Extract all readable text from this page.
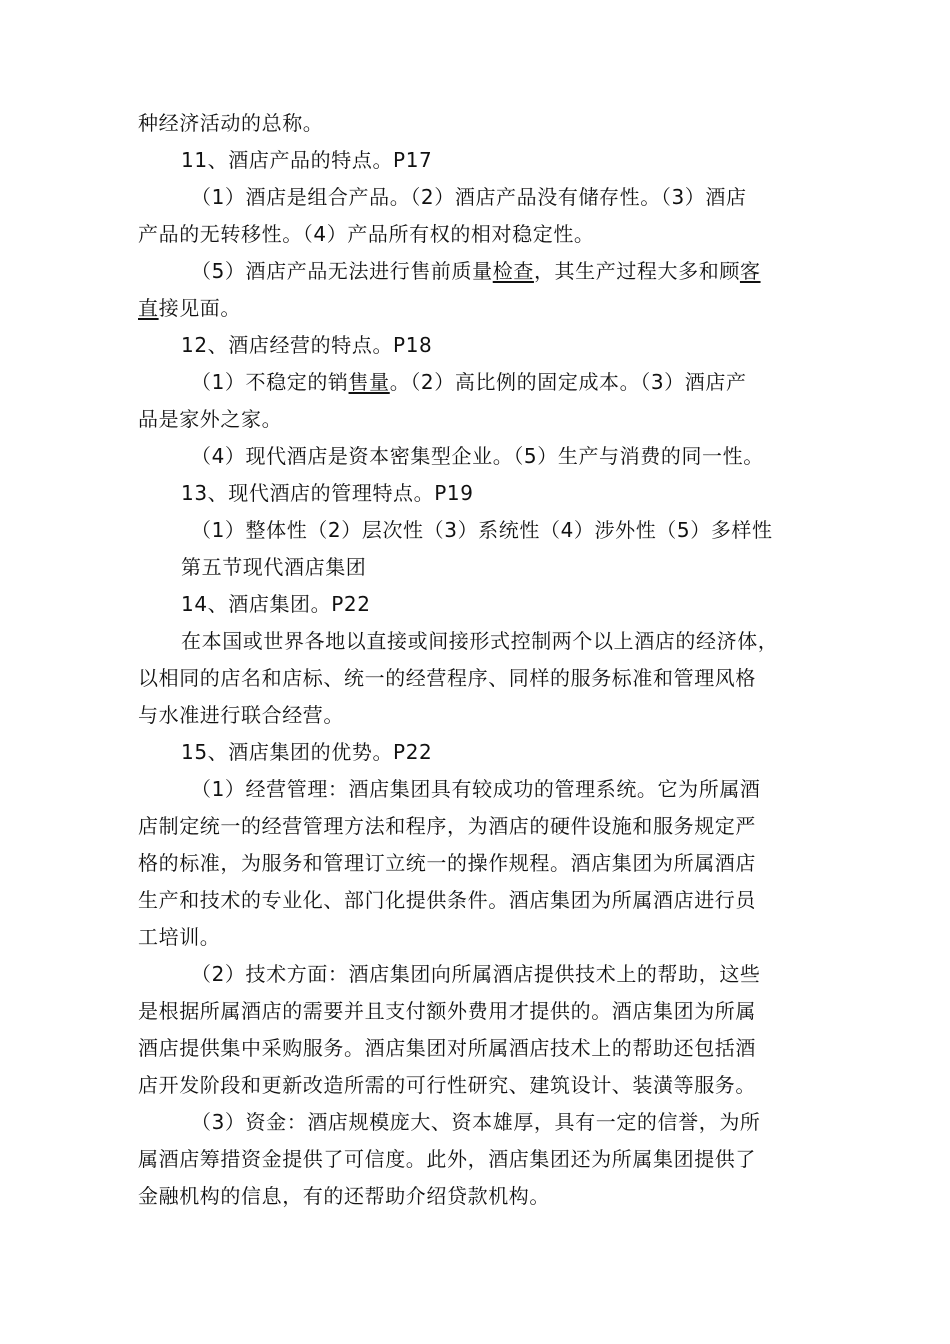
种经济活动的总称。

11、酒店产品的特点。P17

（1）酒店是组合产品。（2）酒店产品没有储存性。（3）酒店

产品的无转移性。（4）产品所有权的相对稳定性。

（5）酒店产品无法进行售前质量检查，其生产过程大多和顾客

直接见面。

12、酒店经营的特点。P18

（1）不稳定的销售量。（2）高比例的固定成本。（3）酒店产

品是家外之家。

（4）现代酒店是资本密集型企业。（5）生产与消费的同一性。

13、现代酒店的管理特点。P19

（1）整体性（2）层次性（3）系统性（4）涉外性（5）多样性

第五节现代酒店集团

14、酒店集团。P22

在本国或世界各地以直接或间接形式控制两个以上酒店的经济体，

以相同的店名和店标、统一的经营程序、同样的服务标准和管理风格

与水准进行联合经营。

15、酒店集团的优势。P22

（1）经营管理：酒店集团具有较成功的管理系统。它为所属酒

店制定统一的经营管理方法和程序，为酒店的硬件设施和服务规定严

格的标准，为服务和管理订立统一的操作规程。酒店集团为所属酒店

生产和技术的专业化、部门化提供条件。酒店集团为所属酒店进行员

工培训。

（2）技术方面：酒店集团向所属酒店提供技术上的帮助，这些

是根据所属酒店的需要并且支付额外费用才提供的。酒店集团为所属

酒店提供集中采购服务。酒店集团对所属酒店技术上的帮助还包括酒

店开发阶段和更新改造所需的可行性研究、建筑设计、装潢等服务。

（3）资金：酒店规模庞大、资本雄厚，具有一定的信誉，为所

属酒店筹措资金提供了可信度。此外，酒店集团还为所属集团提供了

金融机构的信息，有的还帮助介绍贷款机构。
